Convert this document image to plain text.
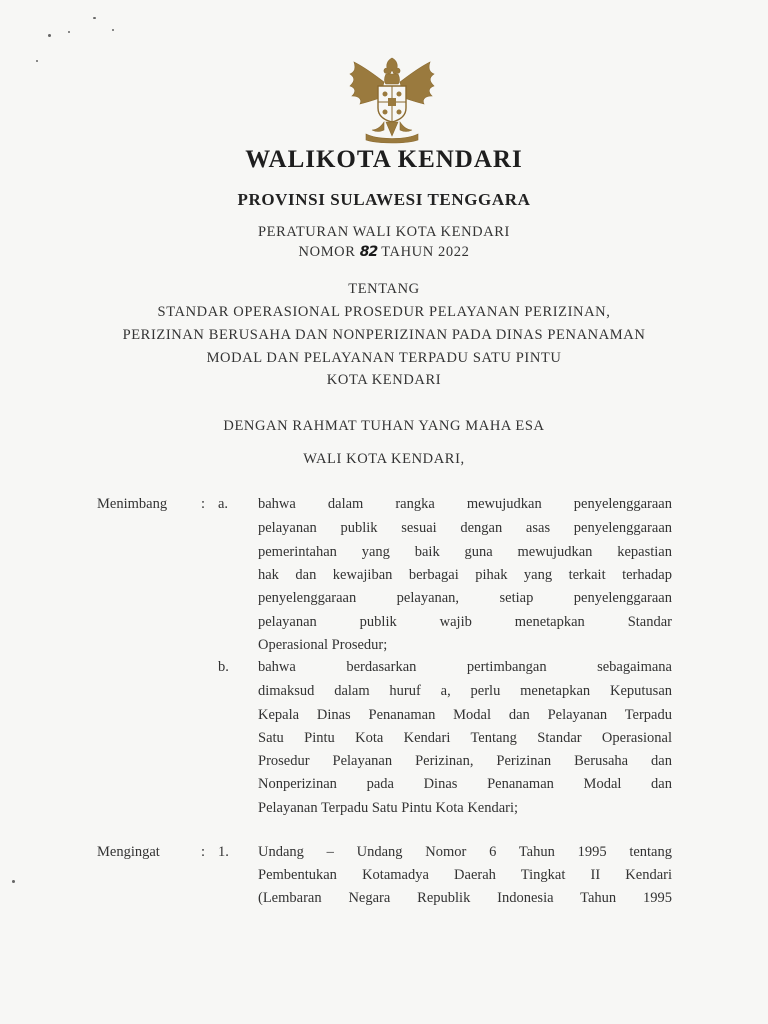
WALIKOTA KENDARI
PROVINSI SULAWESI TENGGARA
PERATURAN WALI KOTA KENDARI
NOMOR 82 TAHUN 2022
TENTANG
STANDAR OPERASIONAL PROSEDUR PELAYANAN PERIZINAN,
PERIZINAN BERUSAHA DAN NONPERIZINAN PADA DINAS PENANAMAN
MODAL DAN PELAYANAN TERPADU SATU PINTU
KOTA KENDARI
DENGAN RAHMAT TUHAN YANG MAHA ESA
WALI KOTA KENDARI,
Menimbang : a. bahwa dalam rangka mewujudkan penyelenggaraan
pelayanan publik sesuai dengan asas penyelenggaraan
pemerintahan yang baik guna mewujudkan kepastian
hak dan kewajiban berbagai pihak yang terkait terhadap
penyelenggaraan pelayanan, setiap penyelenggaraan
pelayanan publik wajib menetapkan Standar
Operasional Prosedur;
b. bahwa berdasarkan pertimbangan sebagaimana
dimaksud dalam huruf a, perlu menetapkan Keputusan
Kepala Dinas Penanaman Modal dan Pelayanan Terpadu
Satu Pintu Kota Kendari Tentang Standar Operasional
Prosedur Pelayanan Perizinan, Perizinan Berusaha dan
Nonperizinan pada Dinas Penanaman Modal dan
Pelayanan Terpadu Satu Pintu Kota Kendari;
Mengingat	: 1. Undang – Undang Nomor 6 Tahun 1995 tentang
Pembentukan Kotamadya Daerah Tingkat II Kendari
(Lembaran Negara Republik Indonesia Tahun 1995
